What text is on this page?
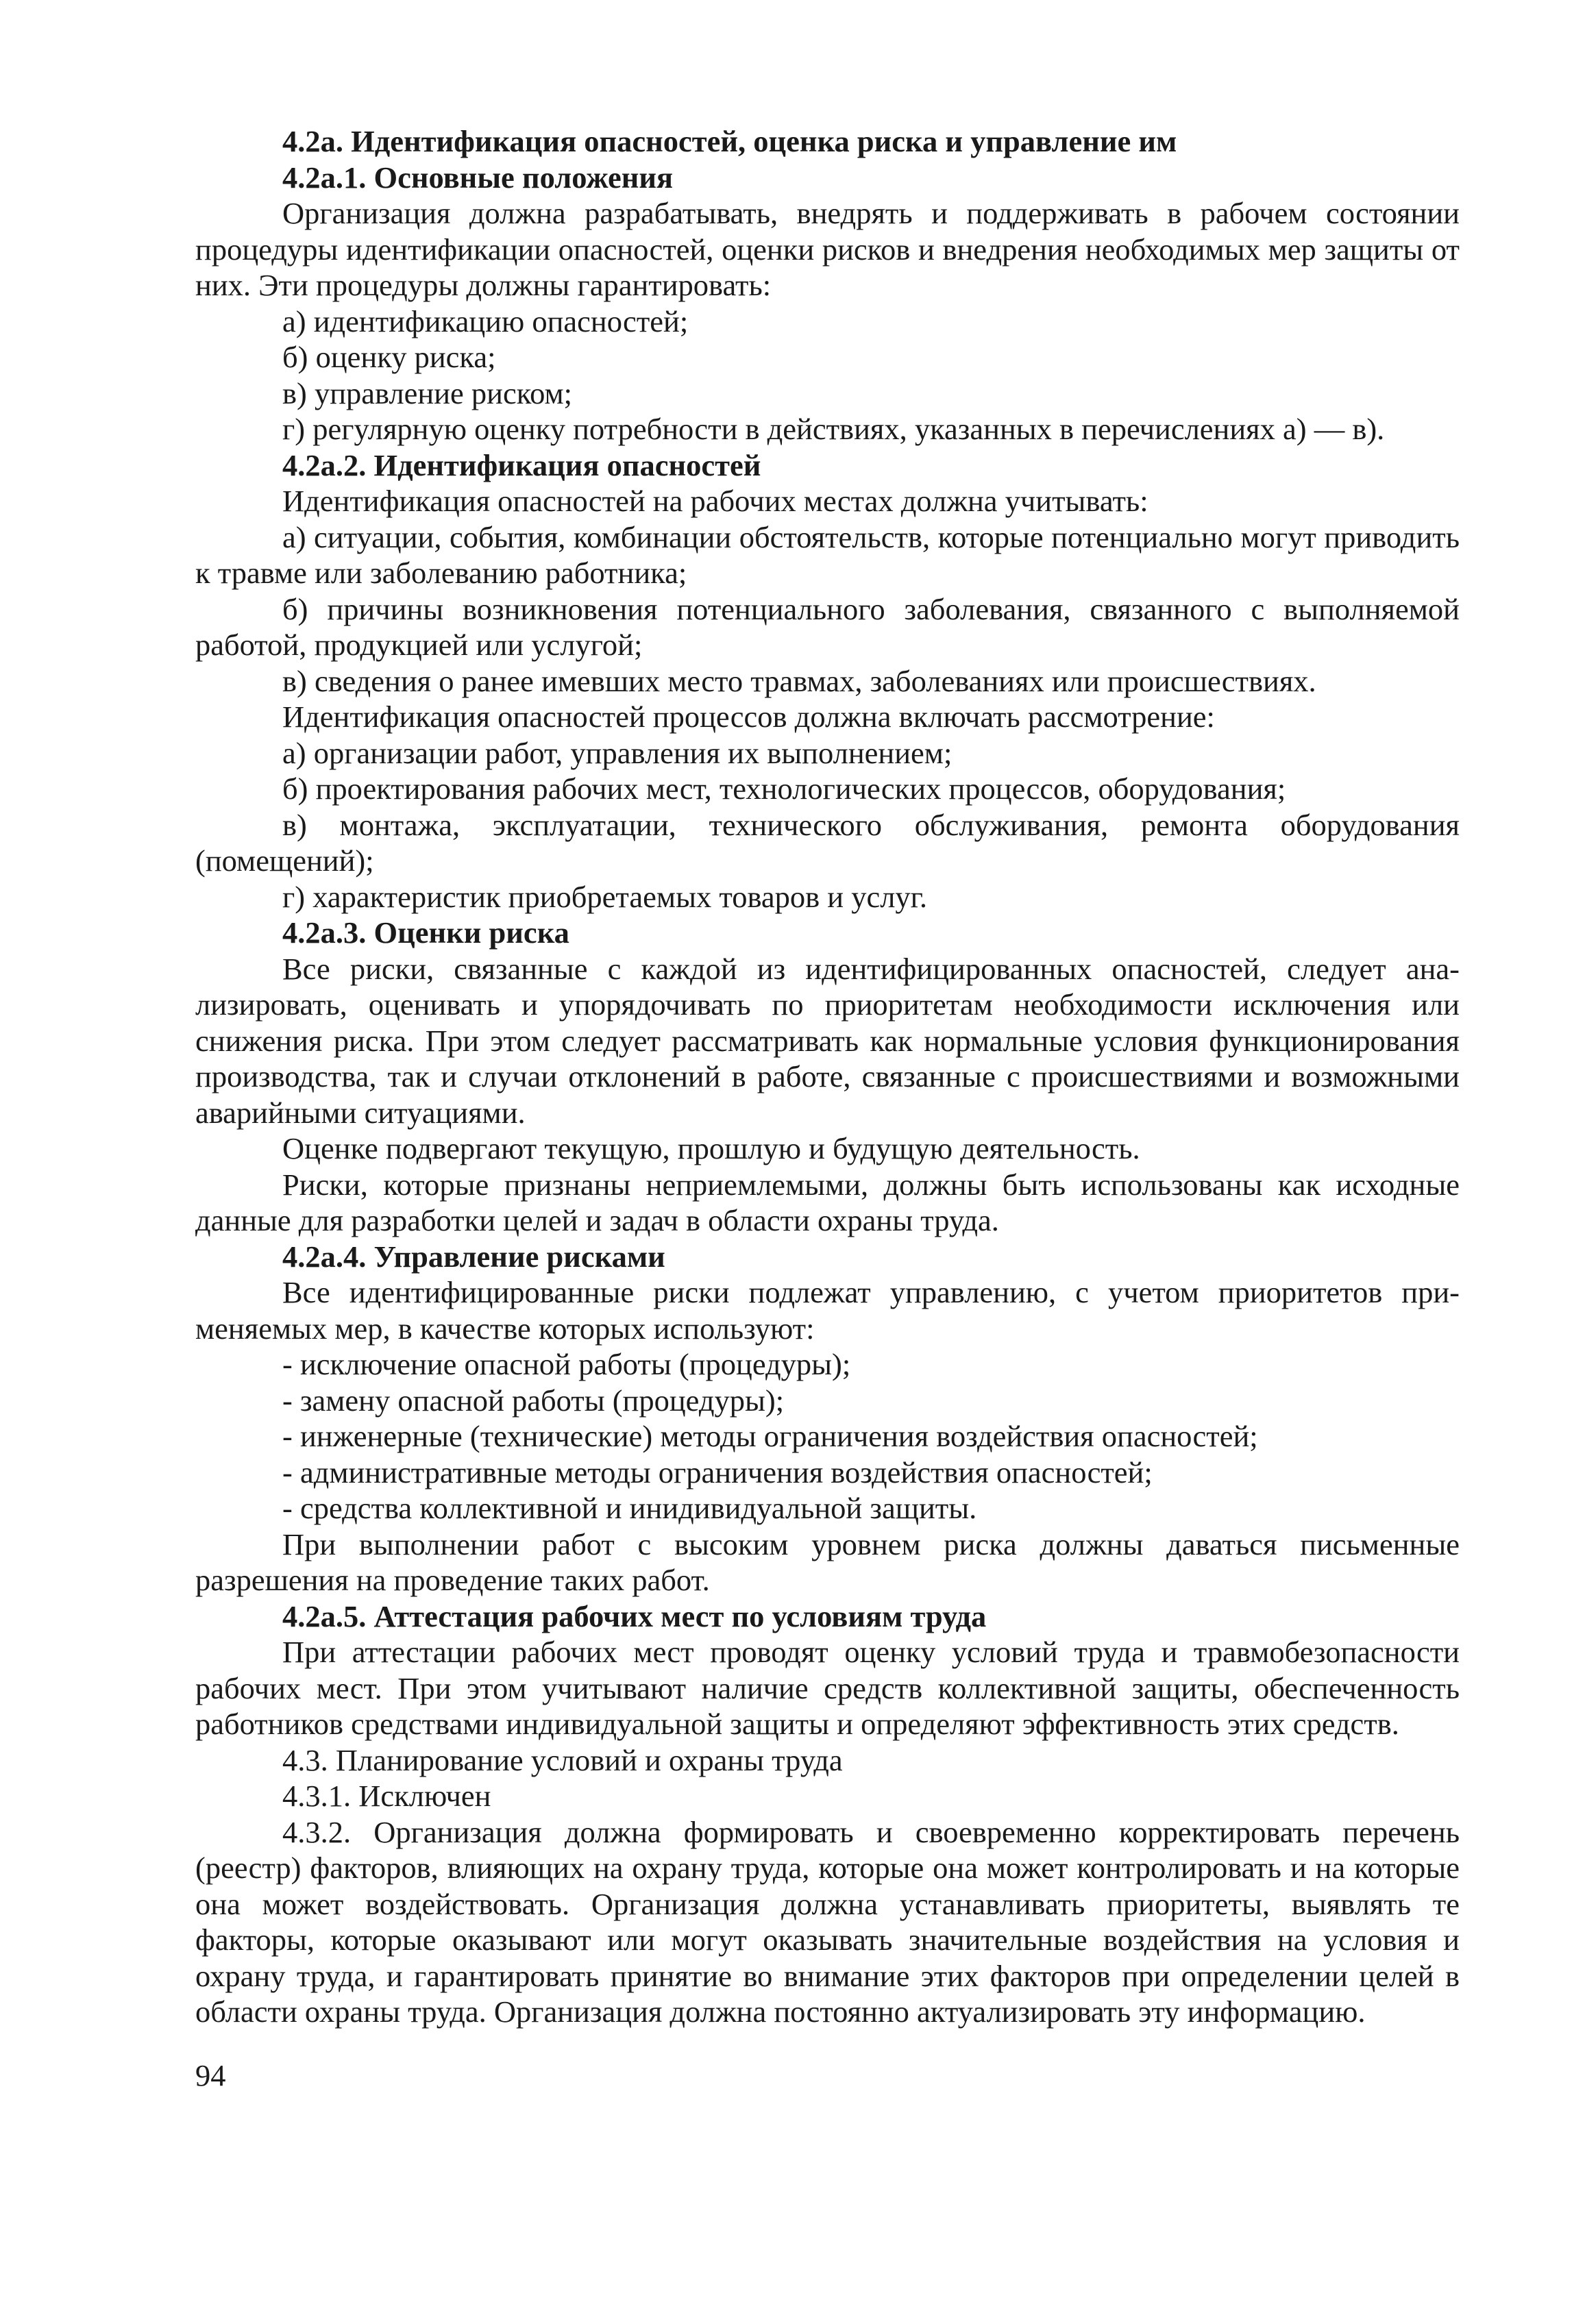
4.2а. Идентификация опасностей, оценка риска и управление им
4.2а.1. Основные положения
Организация должна разрабатывать, внедрять и поддерживать в рабочем состоянии процедуры идентификации опасностей, оценки рисков и внедрения необходимых мер защиты от них. Эти процедуры должны гарантировать:
а) идентификацию опасностей;
б) оценку риска;
в) управление риском;
г) регулярную оценку потребности в действиях, указанных в перечислениях а) — в).
4.2а.2. Идентификация опасностей
Идентификация опасностей на рабочих местах должна учитывать:
а) ситуации, события, комбинации обстоятельств, которые потенциально могут приводить к травме или заболеванию работника;
б) причины возникновения потенциального заболевания, связанного с выполняемой работой, продукцией или услугой;
в) сведения о ранее имевших место травмах, заболеваниях или происшествиях.
Идентификация опасностей процессов должна включать рассмотрение:
а) организации работ, управления их выполнением;
б) проектирования рабочих мест, технологических процессов, оборудования;
в) монтажа, эксплуатации, технического обслуживания, ремонта оборудования (помещений);
г) характеристик приобретаемых товаров и услуг.
4.2а.3. Оценки риска
Все риски, связанные с каждой из идентифицированных опасностей, следует анализировать, оценивать и упорядочивать по приоритетам необходимости исключения или снижения риска. При этом следует рассматривать как нормальные условия функционирования производства, так и случаи отклонений в работе, связанные с происшествиями и возможными аварийными ситуациями.
Оценке подвергают текущую, прошлую и будущую деятельность.
Риски, которые признаны неприемлемыми, должны быть использованы как исходные данные для разработки целей и задач в области охраны труда.
4.2а.4. Управление рисками
Все идентифицированные риски подлежат управлению, с учетом приоритетов применяемых мер, в качестве которых используют:
- исключение опасной работы (процедуры);
- замену опасной работы (процедуры);
- инженерные (технические) методы ограничения воздействия опасностей;
- административные методы ограничения воздействия опасностей;
- средства коллективной и инидивидуальной защиты.
При выполнении работ с высоким уровнем риска должны даваться письменные разрешения на проведение таких работ.
4.2а.5. Аттестация рабочих мест по условиям труда
При аттестации рабочих мест проводят оценку условий труда и травмобезопасности рабочих мест. При этом учитывают наличие средств коллективной защиты, обеспеченность работников средствами индивидуальной защиты и определяют эффективность этих средств.
4.3. Планирование условий и охраны труда
4.3.1. Исключен
4.3.2. Организация должна формировать и своевременно корректировать перечень (реестр) факторов, влияющих на охрану труда, которые она может контролировать и на которые она может воздействовать. Организация должна устанавливать приоритеты, выявлять те факторы, которые оказывают или могут оказывать значительные воздействия на условия и охрану труда, и гарантировать принятие во внимание этих факторов при определении целей в области охраны труда. Организация должна постоянно актуализировать эту информацию.
94
